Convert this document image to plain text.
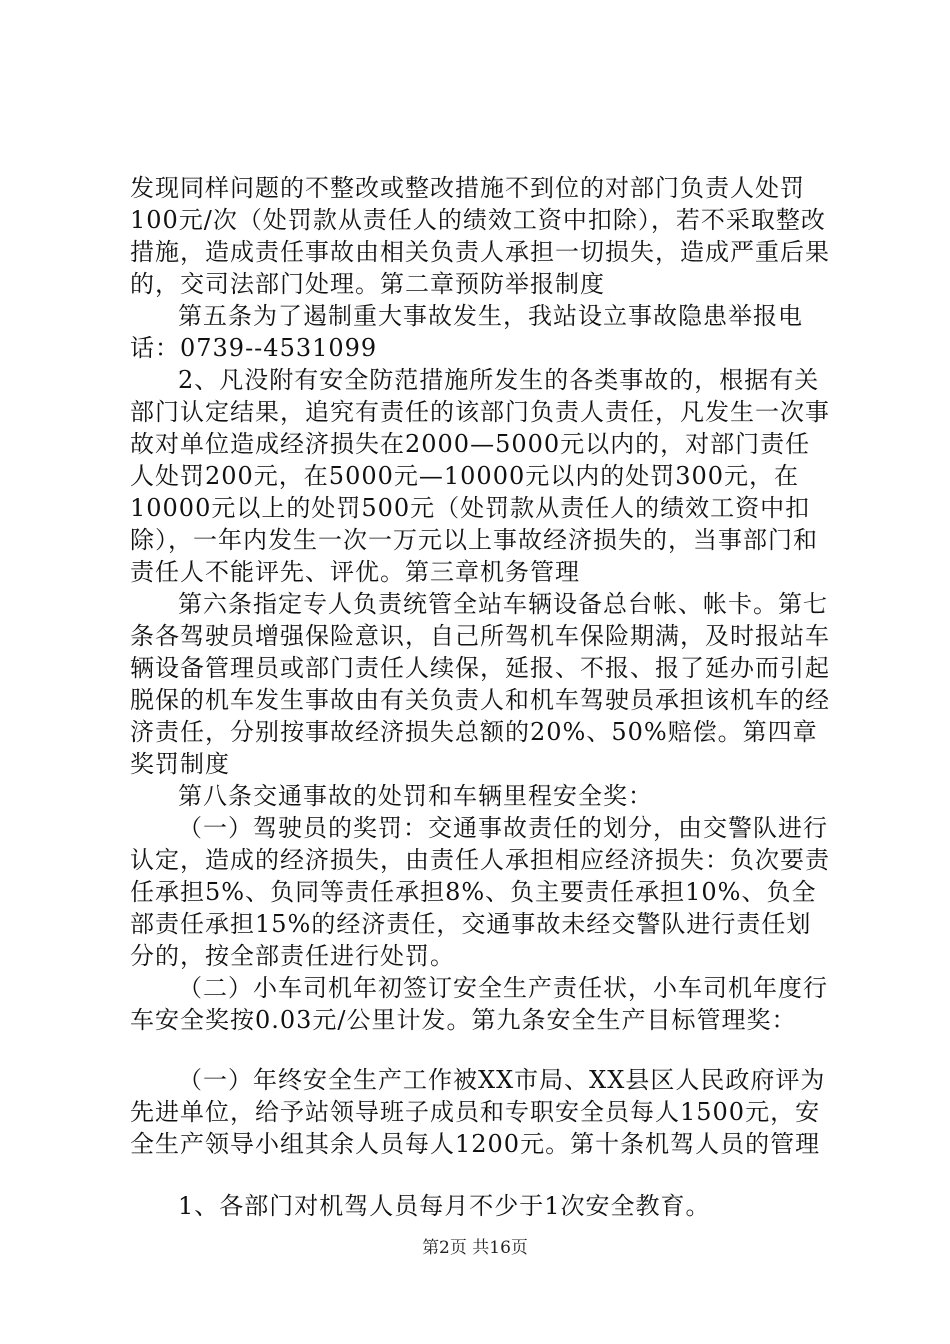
发现同样问题的不整改或整改措施不到位的对部门负责人处罚100元/次（处罚款从责任人的绩效工资中扣除），若不采取整改措施，造成责任事故由相关负责人承担一切损失，造成严重后果的，交司法部门处理。第二章预防举报制度

第五条为了遏制重大事故发生，我站设立事故隐患举报电话：0739--4531099

2、凡没附有安全防范措施所发生的各类事故的，根据有关部门认定结果，追究有责任的该部门负责人责任，凡发生一次事故对单位造成经济损失在2000—5000元以内的，对部门责任人处罚200元，在5000元—10000元以内的处罚300元，在10000元以上的处罚500元（处罚款从责任人的绩效工资中扣除），一年内发生一次一万元以上事故经济损失的，当事部门和责任人不能评先、评优。第三章机务管理

第六条指定专人负责统管全站车辆设备总台帐、帐卡。第七条各驾驶员增强保险意识，自己所驾机车保险期满，及时报站车辆设备管理员或部门责任人续保，延报、不报、报了延办而引起脱保的机车发生事故由有关负责人和机车驾驶员承担该机车的经济责任，分别按事故经济损失总额的20%、50%赔偿。第四章奖罚制度

第八条交通事故的处罚和车辆里程安全奖：

（一）驾驶员的奖罚：交通事故责任的划分，由交警队进行认定，造成的经济损失，由责任人承担相应经济损失：负次要责任承担5%、负同等责任承担8%、负主要责任承担10%、负全部责任承担15%的经济责任，交通事故未经交警队进行责任划分的，按全部责任进行处罚。

（二）小车司机年初签订安全生产责任状，小车司机年度行车安全奖按0.03元/公里计发。第九条安全生产目标管理奖：

（一）年终安全生产工作被XX市局、XX县区人民政府评为先进单位，给予站领导班子成员和专职安全员每人1500元，安全生产领导小组其余人员每人1200元。第十条机驾人员的管理

1、各部门对机驾人员每月不少于1次安全教育。

第2页 共16页
